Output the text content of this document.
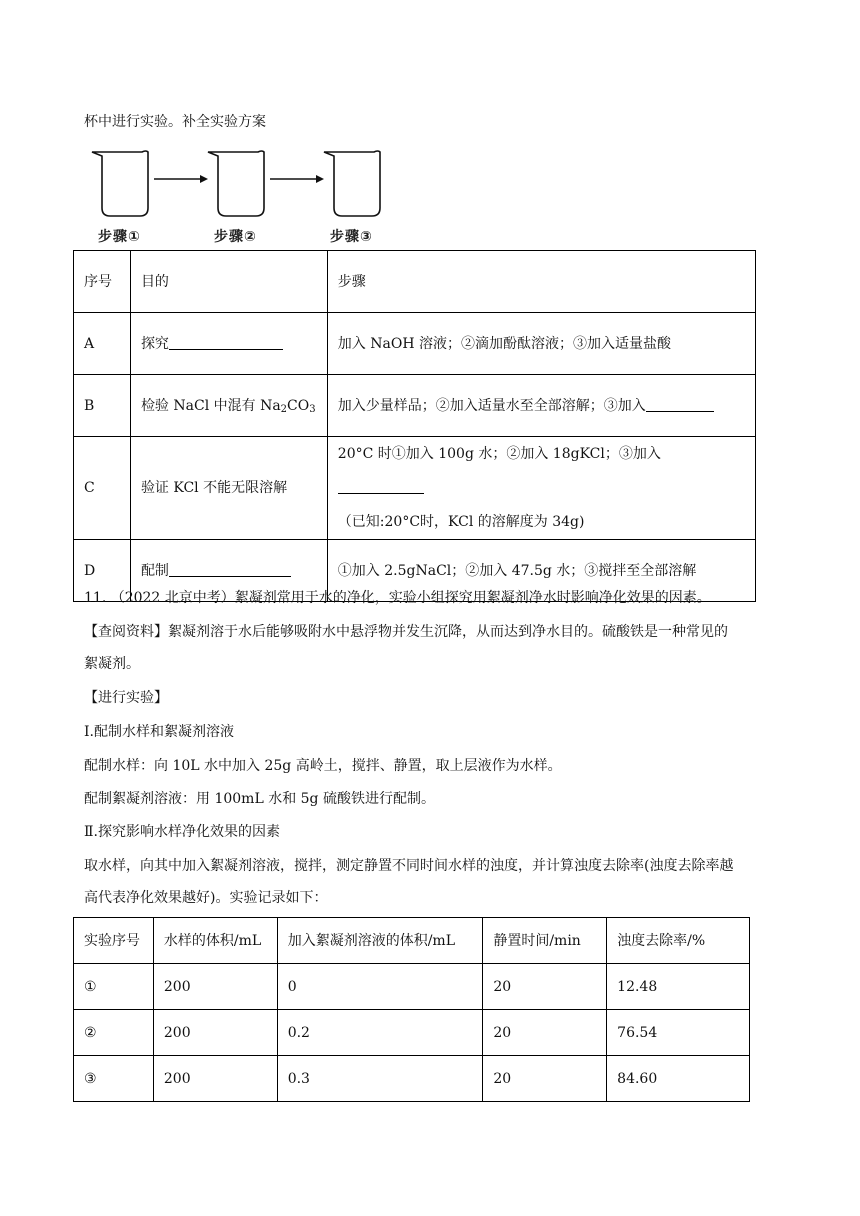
杯中进行实验。补全实验方案
步骤①	步骤②	步骤③
序号	目的	步骤
A	探究	加入 NaOH 溶液；②滴加酚酞溶液；③加入适量盐酸
B	检验 NaCl 中混有 $Na_2CO_3$	加入少量样品；②加入适量水至全部溶解；③加入
C	验证 KCl 不能无限溶解	20°C 时①加入 100g 水；②加入 18gKCl；③加入
（已知:20°C时，KCl 的溶解度为 34g)

D	配制	①加入 2.5gNaCl；②加入 47.5g 水；③搅拌至全部溶解
11. （2022 北京中考）絮凝剂常用于水的净化，实验小组探究用絮凝剂净水时影响净化效果的因素。
【查阅资料】絮凝剂溶于水后能够吸附水中悬浮物并发生沉降，从而达到净水目的。硫酸铁是一种常见的
絮凝剂。
【进行实验】
Ⅰ.配制水样和絮凝剂溶液
配制水样：向 10L 水中加入 25g 高岭土，搅拌、静置，取上层液作为水样。
配制絮凝剂溶液：用 100mL 水和 5g 硫酸铁进行配制。
Ⅱ.探究影响水样净化效果的因素
取水样，向其中加入絮凝剂溶液，搅拌，测定静置不同时间水样的浊度，并计算浊度去除率(浊度去除率越
高代表净化效果越好)。实验记录如下：
实验序号	水样的体积/mL	加入絮凝剂溶液的体积/mL	静置时间/min	浊度去除率/%
①	200	0	20	12.48
②	200	0.2	20	76.54
③	200	0.3	20	84.60
